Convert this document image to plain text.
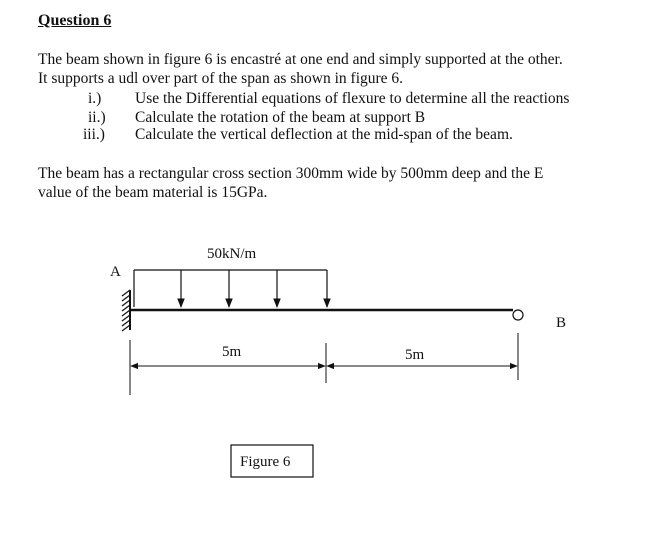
Question 6
The beam shown in figure 6 is encastré at one end and simply supported at the other.
It supports a udl over part of the span as shown in figure 6.
i.) Use the Differential equations of flexure to determine all the reactions
ii.) Calculate the rotation of the beam at support B
iii.) Calculate the vertical deflection at the mid-span of the beam.
The beam has a rectangular cross section 300mm wide by 500mm deep and the E
value of the beam material is 15GPa.
50kN/m
A
B
5m	5m
Figure 6
